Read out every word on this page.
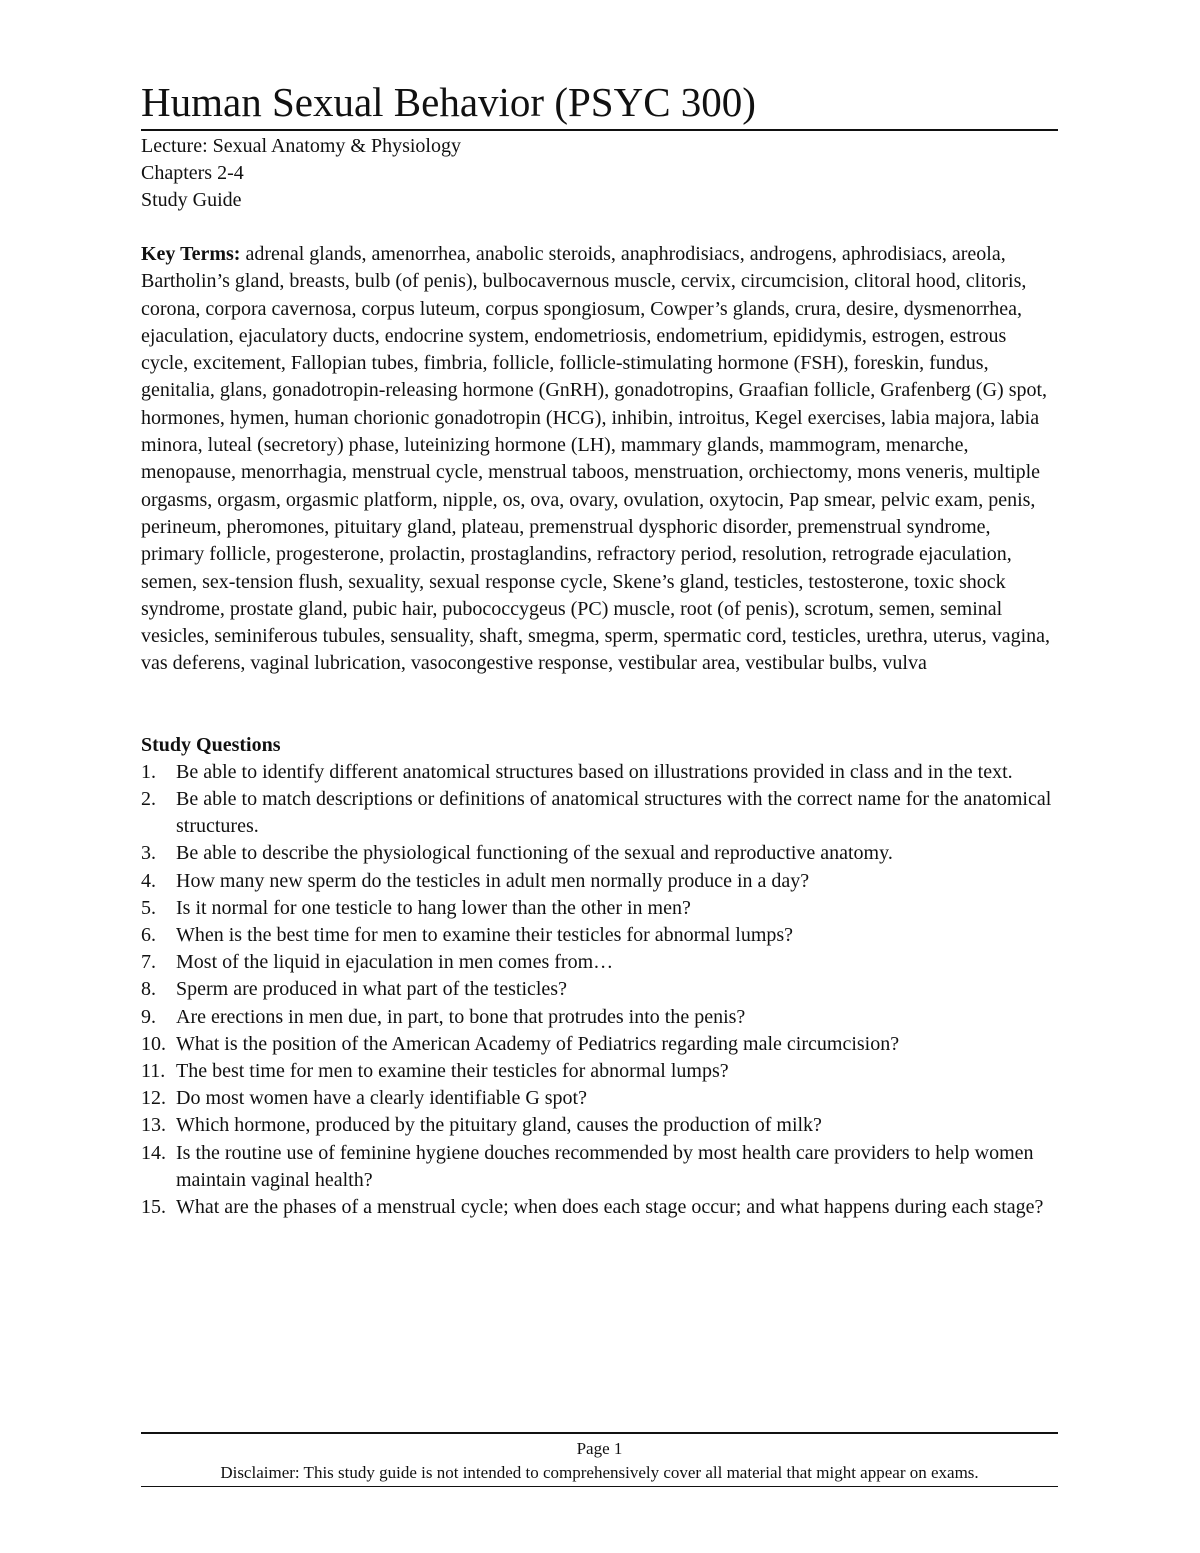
Human Sexual Behavior (PSYC 300)

Lecture: Sexual Anatomy & Physiology

Chapters 2-4

Study Guide

Key Terms: adrenal glands, amenorrhea, anabolic steroids, anaphrodisiacs, androgens, aphrodisiacs, areola, Bartholin’s gland, breasts, bulb (of penis), bulbocavernous muscle, cervix, circumcision, clitoral hood, clitoris, corona, corpora cavernosa, corpus luteum, corpus spongiosum, Cowper’s glands, crura, desire, dysmenorrhea, ejaculation, ejaculatory ducts, endocrine system, endometriosis, endometrium, epididymis, estrogen, estrous cycle, excitement, Fallopian tubes, fimbria, follicle, follicle-stimulating hormone (FSH), foreskin, fundus, genitalia, glans, gonadotropin-releasing hormone (GnRH), gonadotropins, Graafian follicle, Grafenberg (G) spot, hormones, hymen, human chorionic gonadotropin (HCG), inhibin, introitus, Kegel exercises, labia majora, labia minora, luteal (secretory) phase, luteinizing hormone (LH), mammary glands, mammogram, menarche, menopause, menorrhagia, menstrual cycle, menstrual taboos, menstruation, orchiectomy, mons veneris, multiple orgasms, orgasm, orgasmic platform, nipple, os, ova, ovary, ovulation, oxytocin, Pap smear, pelvic exam, penis, perineum, pheromones, pituitary gland, plateau, premenstrual dysphoric disorder, premenstrual syndrome, primary follicle, progesterone, prolactin, prostaglandins, refractory period, resolution, retrograde ejaculation, semen, sex-tension flush, sexuality, sexual response cycle, Skene’s gland, testicles, testosterone, toxic shock syndrome, prostate gland, pubic hair, pubococcygeus (PC) muscle, root (of penis), scrotum, semen, seminal vesicles, seminiferous tubules, sensuality, shaft, smegma, sperm, spermatic cord, testicles, urethra, uterus, vagina, vas deferens, vaginal lubrication, vasocongestive response, vestibular area, vestibular bulbs, vulva
Study Questions
1. Be able to identify different anatomical structures based on illustrations provided in class and in the text.
2. Be able to match descriptions or definitions of anatomical structures with the correct name for the anatomical structures.
3. Be able to describe the physiological functioning of the sexual and reproductive anatomy.
4. How many new sperm do the testicles in adult men normally produce in a day?
5. Is it normal for one testicle to hang lower than the other in men?
6. When is the best time for men to examine their testicles for abnormal lumps?
7. Most of the liquid in ejaculation in men comes from…
8. Sperm are produced in what part of the testicles?
9. Are erections in men due, in part, to bone that protrudes into the penis?
10. What is the position of the American Academy of Pediatrics regarding male circumcision?
11. The best time for men to examine their testicles for abnormal lumps?
12. Do most women have a clearly identifiable G spot?
13. Which hormone, produced by the pituitary gland, causes the production of milk?
14. Is the routine use of feminine hygiene douches recommended by most health care providers to help women maintain vaginal health?
15. What are the phases of a menstrual cycle; when does each stage occur; and what happens during each stage?
Page 1
Disclaimer: This study guide is not intended to comprehensively cover all material that might appear on exams.
